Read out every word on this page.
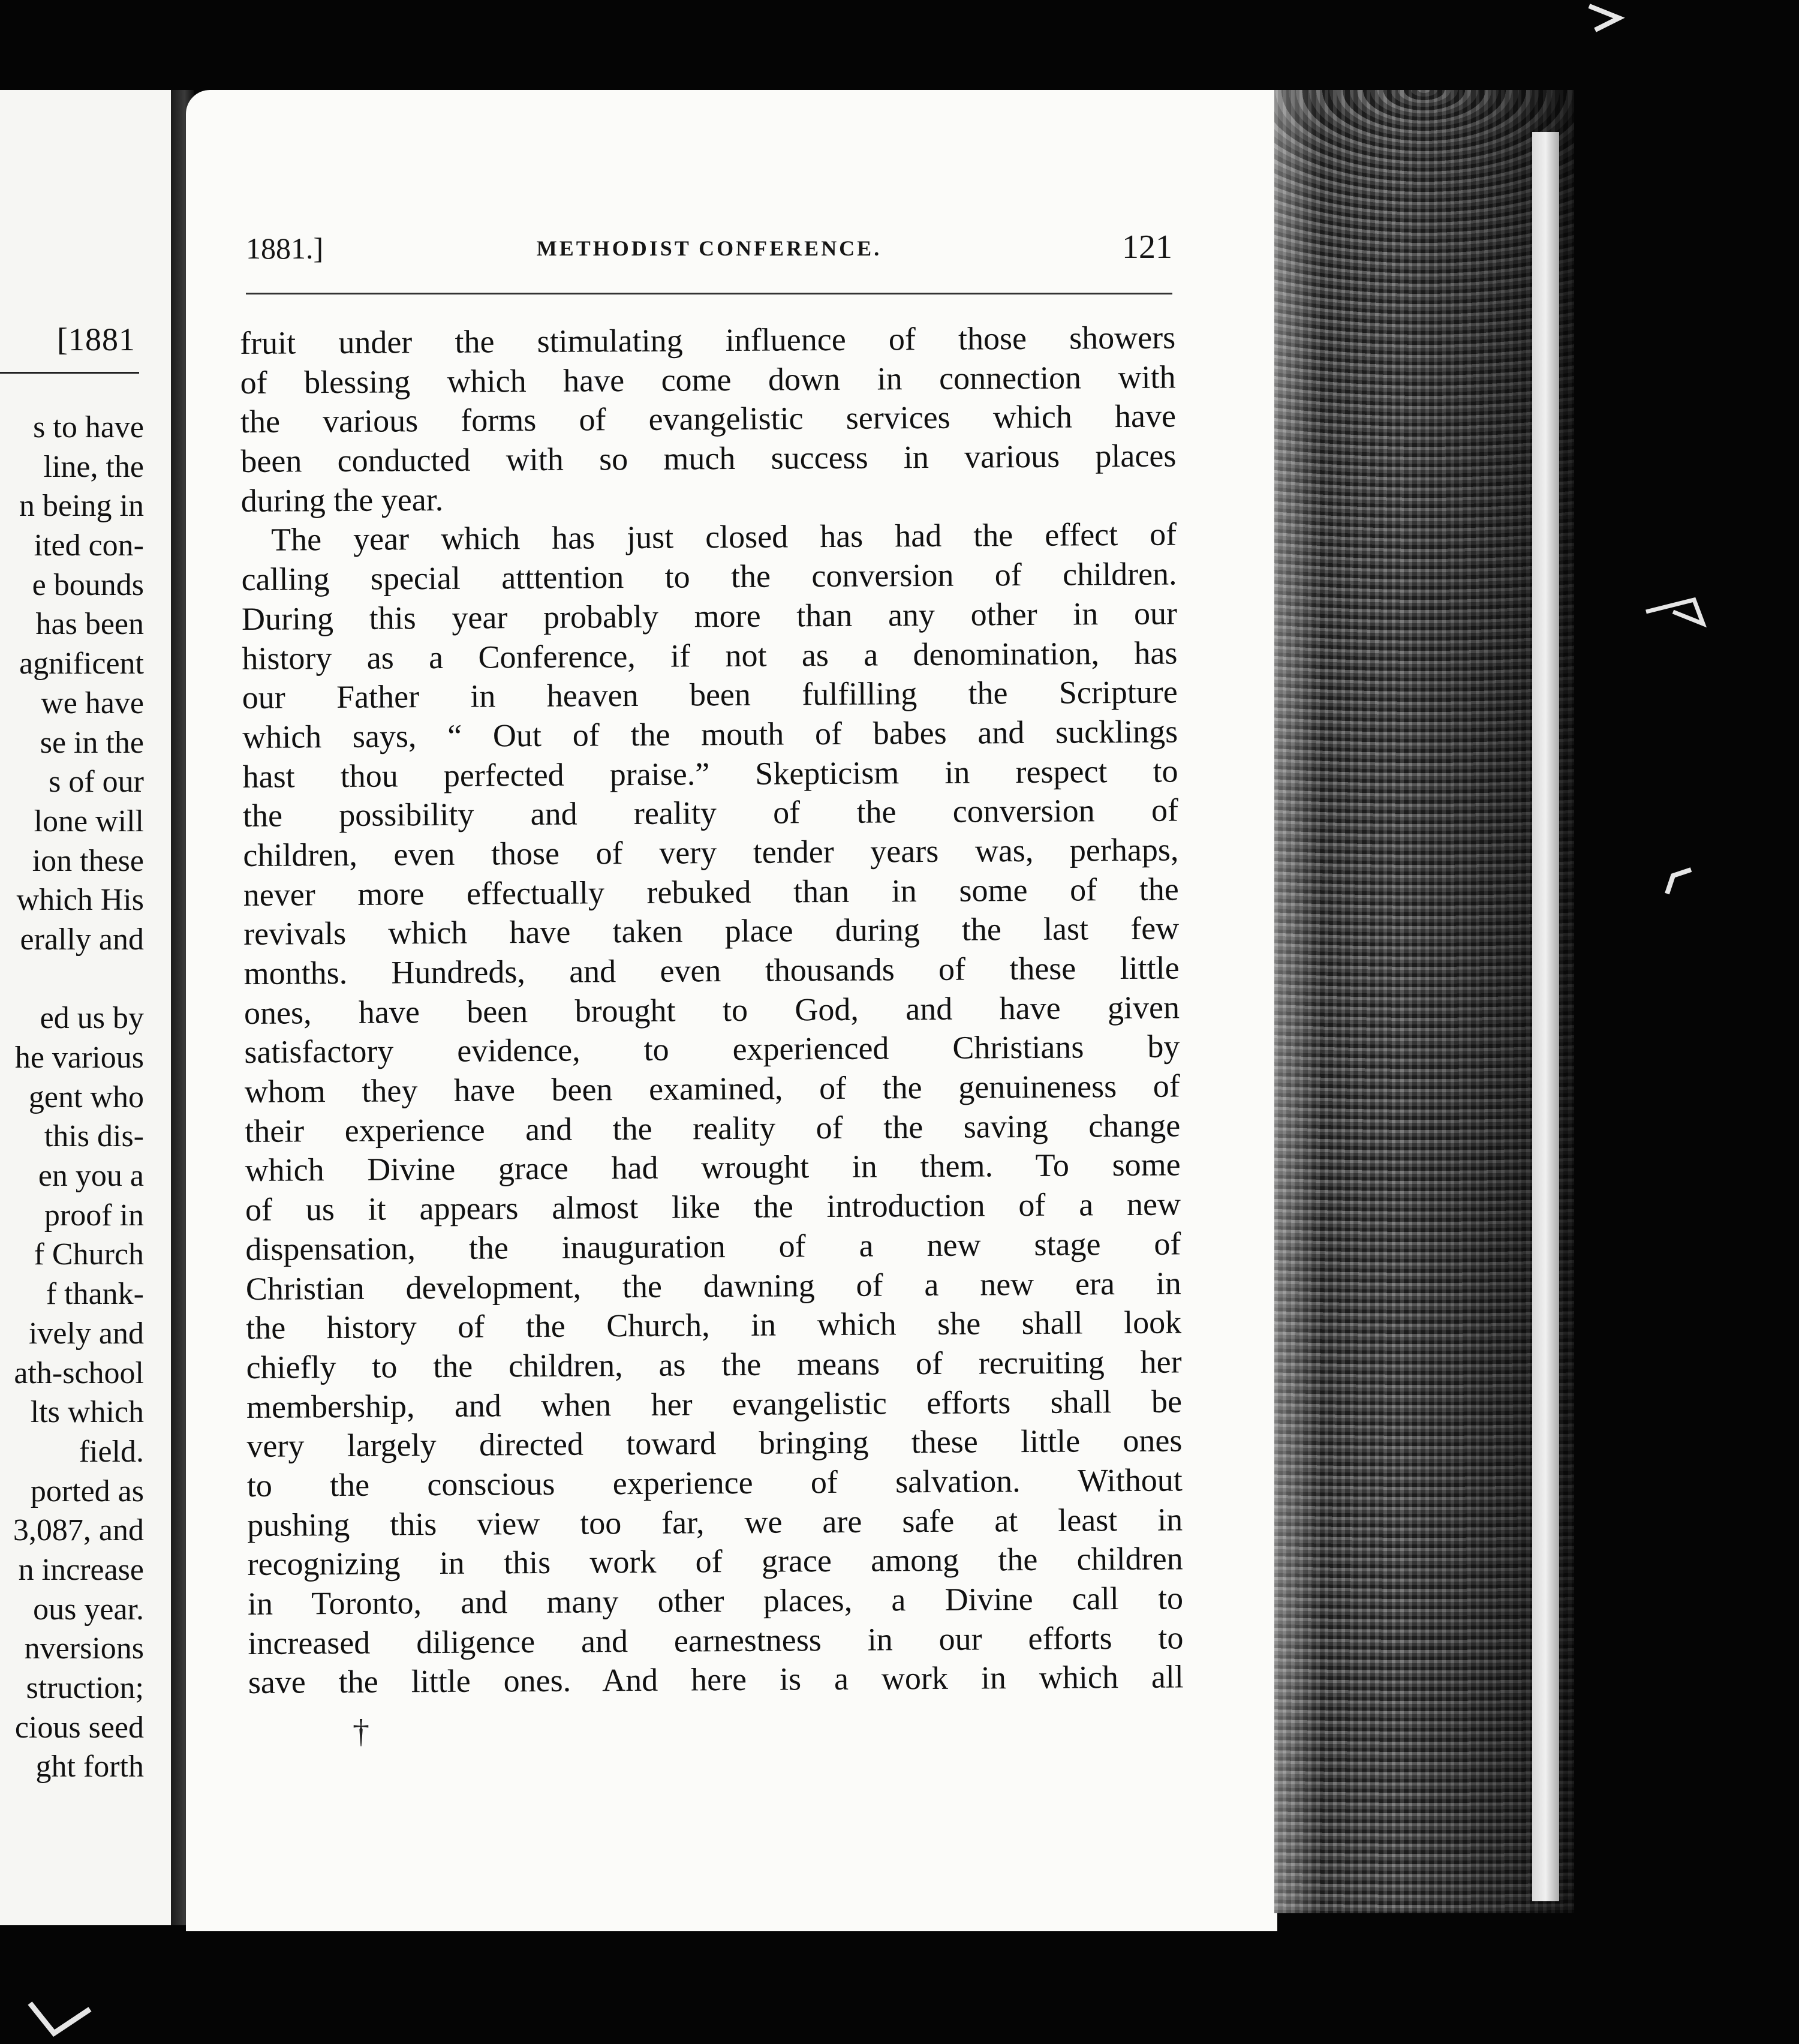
[1881
s to have
line, the
n being in
ited con-
e bounds
has been
agnificent
we have
se in the
s of our
lone will
ion these
which His
erally and
ed us by
he various
gent who
this dis-
en you a
proof in
f Church
f thank-
ively and
ath-school
lts which
field.
ported as
3,087, and
n increase
ous year.
nversions
struction;
cious seed
ght forth
1881.]	METHODIST CONFERENCE.	121
fruit under the stimulating influence of those showers
of blessing which have come down in connection with
the various forms of evangelistic services which have
been conducted with so much success in various places
during the year.
The year which has just closed has had the effect of
calling special atttention to the conversion of children.
During this year probably more than any other in our
history as a Conference, if not as a denomination, has
our Father in heaven been fulfilling the Scripture
which says, “ Out of the mouth of babes and sucklings
hast thou perfected praise.” Skepticism in respect to
the possibility and reality of the conversion of
children, even those of very tender years was, perhaps,
never more effectually rebuked than in some of the
revivals which have taken place during the last few
months. Hundreds, and even thousands of these little
ones, have been brought to God, and have given
satisfactory evidence, to experienced Christians by
whom they have been examined, of the genuineness of
their experience and the reality of the saving change
which Divine grace had wrought in them. To some
of us it appears almost like the introduction of a new
dispensation, the inauguration of a new stage of
Christian development, the dawning of a new era in
the history of the Church, in which she shall look
chiefly to the children, as the means of recruiting her
membership, and when her evangelistic efforts shall be
very largely directed toward bringing these little ones
to the conscious experience of salvation. Without
pushing this view too far, we are safe at least in
recognizing in this work of grace among the children
in Toronto, and many other places, a Divine call to
increased diligence and earnestness in our efforts to
save the little ones. And here is a work in which all
†
